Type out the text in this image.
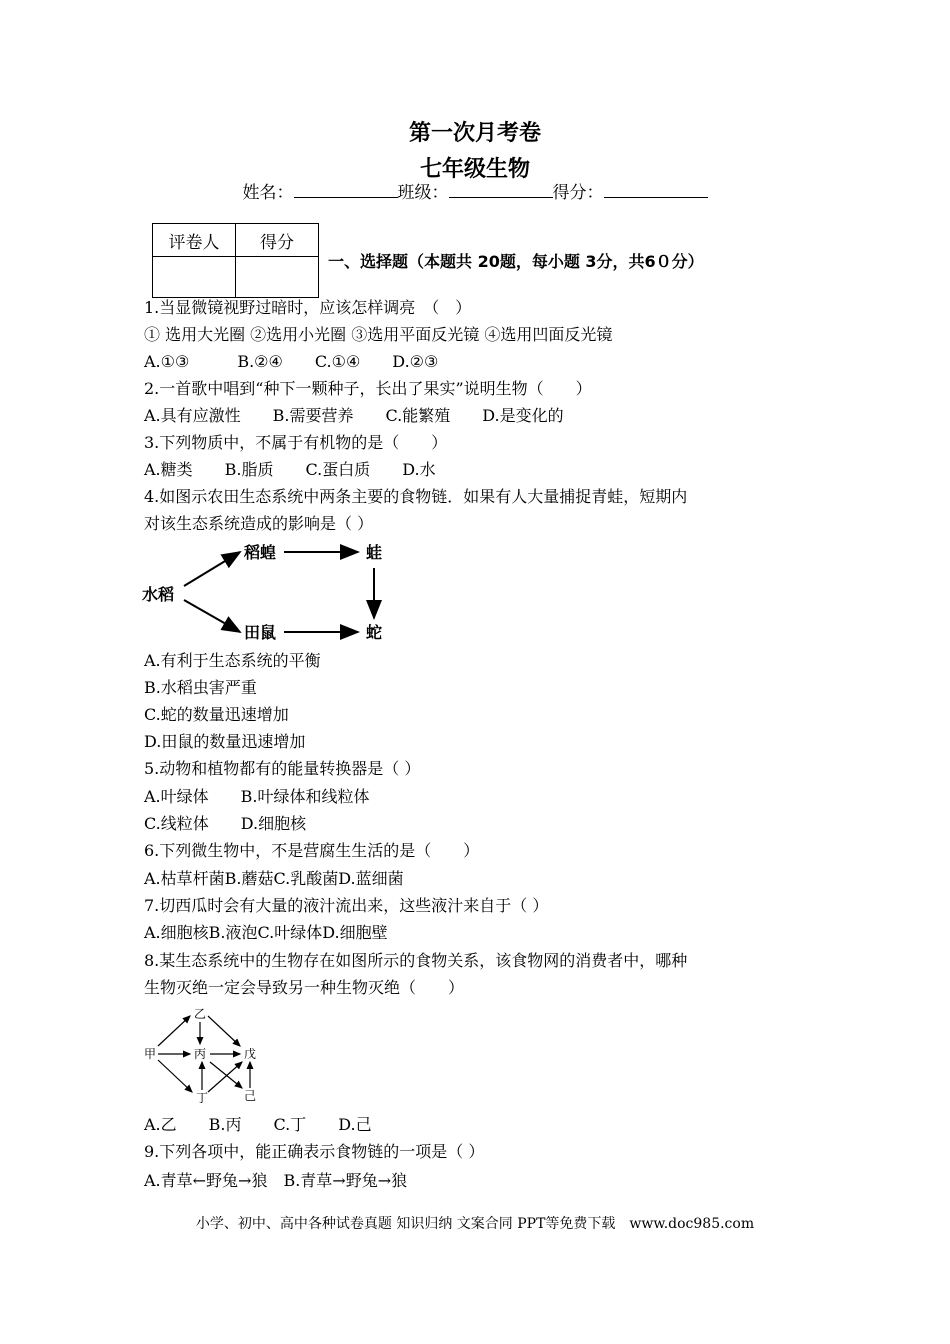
第一次月考卷
七年级生物
姓名：	班级：	得分：
评卷人	得分

一、选择题（本题共 20题，每小题 3分，共6０分）
1.当显微镜视野过暗时，应该怎样调亮　（　）
① 选用大光圈 ②选用小光圈 ③选用平面反光镜 ④选用凹面反光镜
A.①③　　　B.②④　　C.①④　　D.②③
2.一首歌中唱到“种下一颗种子，长出了果实”说明生物（　　）
A.具有应激性　　B.需要营养　　C.能繁殖　　D.是变化的
3.下列物质中，不属于有机物的是（　　）
A.糖类　　B.脂质　　C.蛋白质　　D.水
4.如图示农田生态系统中两条主要的食物链．如果有人大量捕捉青蛙，短期内
对该生态系统造成的影响是（ ）
水稻
稻蝗	蛙
田鼠	蛇
A.有利于生态系统的平衡
B.水稻虫害严重
C.蛇的数量迅速增加
D.田鼠的数量迅速增加
5.动物和植物都有的能量转换器是（ ）
A.叶绿体　　B.叶绿体和线粒体
C.线粒体　　D.细胞核
6.下列微生物中，不是营腐生生活的是（　　）
A.枯草杆菌B.蘑菇C.乳酸菌D.蓝细菌
7.切西瓜时会有大量的液汁流出来，这些液汁来自于（ ）
A.细胞核B.液泡C.叶绿体D.细胞壁
8.某生态系统中的生物存在如图所示的食物关系，该食物网的消费者中，哪种
生物灭绝一定会导致另一种生物灭绝（　　）
甲
乙
丙
丁
戊
己
A.乙　　B.丙　　C.丁　　D.己
9.下列各项中，能正确表示食物链的一项是（ ）
A.青草←野兔→狼　B.青草→野兔→狼
小学、初中、高中各种试卷真题 知识归纳 文案合同 PPT等免费下载　www.doc985.com
